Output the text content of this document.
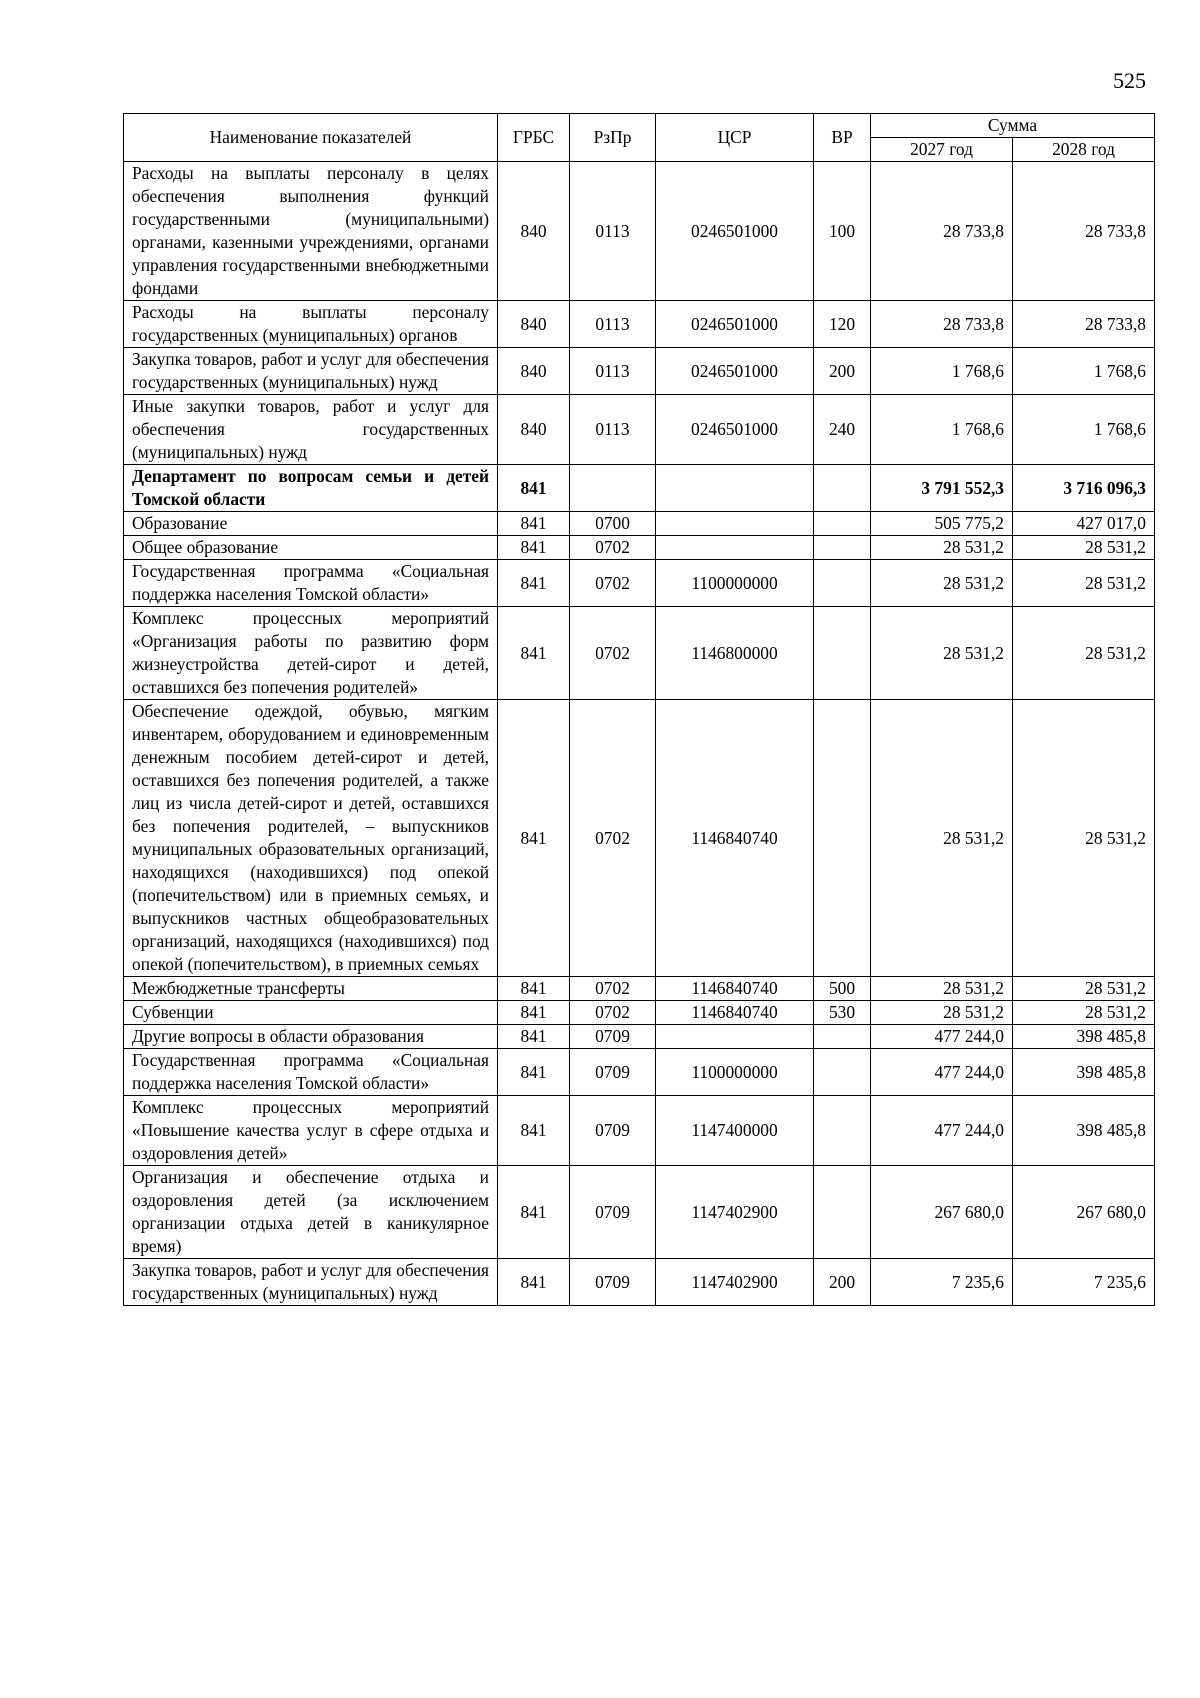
525
Наименование показателей	ГРБС	РзПр	ЦСР	ВР	Сумма	
					2027 год	2028 год
Расходы на выплаты персоналу в целях обеспечения выполнения функций государственными (муниципальными) органами, казенными учреждениями, органами управления государственными внебюджетными фондами	840	0113	0246501000	100	28 733,8	28 733,8
Расходы на выплаты персоналу государственных (муниципальных) органов	840	0113	0246501000	120	28 733,8	28 733,8
Закупка товаров, работ и услуг для обеспечения государственных (муниципальных) нужд	840	0113	0246501000	200	1 768,6	1 768,6
Иные закупки товаров, работ и услуг для обеспечения государственных (муниципальных) нужд	840	0113	0246501000	240	1 768,6	1 768,6
Департамент по вопросам семьи и детей Томской области	841				3 791 552,3	3 716 096,3
Образование	841	0700			505 775,2	427 017,0
Общее образование	841	0702			28 531,2	28 531,2
Государственная программа «Социальная поддержка населения Томской области»	841	0702	1100000000		28 531,2	28 531,2
Комплекс процессных мероприятий «Организация работы по развитию форм жизнеустройства детей-сирот и детей, оставшихся без попечения родителей»	841	0702	1146800000		28 531,2	28 531,2
Обеспечение одеждой, обувью, мягким инвентарем, оборудованием и единовременным денежным пособием детей-сирот и детей, оставшихся без попечения родителей, а также лиц из числа детей-сирот и детей, оставшихся без попечения родителей, – выпускников муниципальных образовательных организаций, находящихся (находившихся) под опекой (попечительством) или в приемных семьях, и выпускников частных общеобразовательных организаций, находящихся (находившихся) под опекой (попечительством), в приемных семьях	841	0702	1146840740		28 531,2	28 531,2
Межбюджетные трансферты	841	0702	1146840740	500	28 531,2	28 531,2
Субвенции	841	0702	1146840740	530	28 531,2	28 531,2
Другие вопросы в области образования	841	0709			477 244,0	398 485,8
Государственная программа «Социальная поддержка населения Томской области»	841	0709	1100000000		477 244,0	398 485,8
Комплекс процессных мероприятий «Повышение качества услуг в сфере отдыха и оздоровления детей»	841	0709	1147400000		477 244,0	398 485,8
Организация и обеспечение отдыха и оздоровления детей (за исключением организации отдыха детей в каникулярное время)	841	0709	1147402900		267 680,0	267 680,0
Закупка товаров, работ и услуг для обеспечения государственных (муниципальных) нужд	841	0709	1147402900	200	7 235,6	7 235,6
